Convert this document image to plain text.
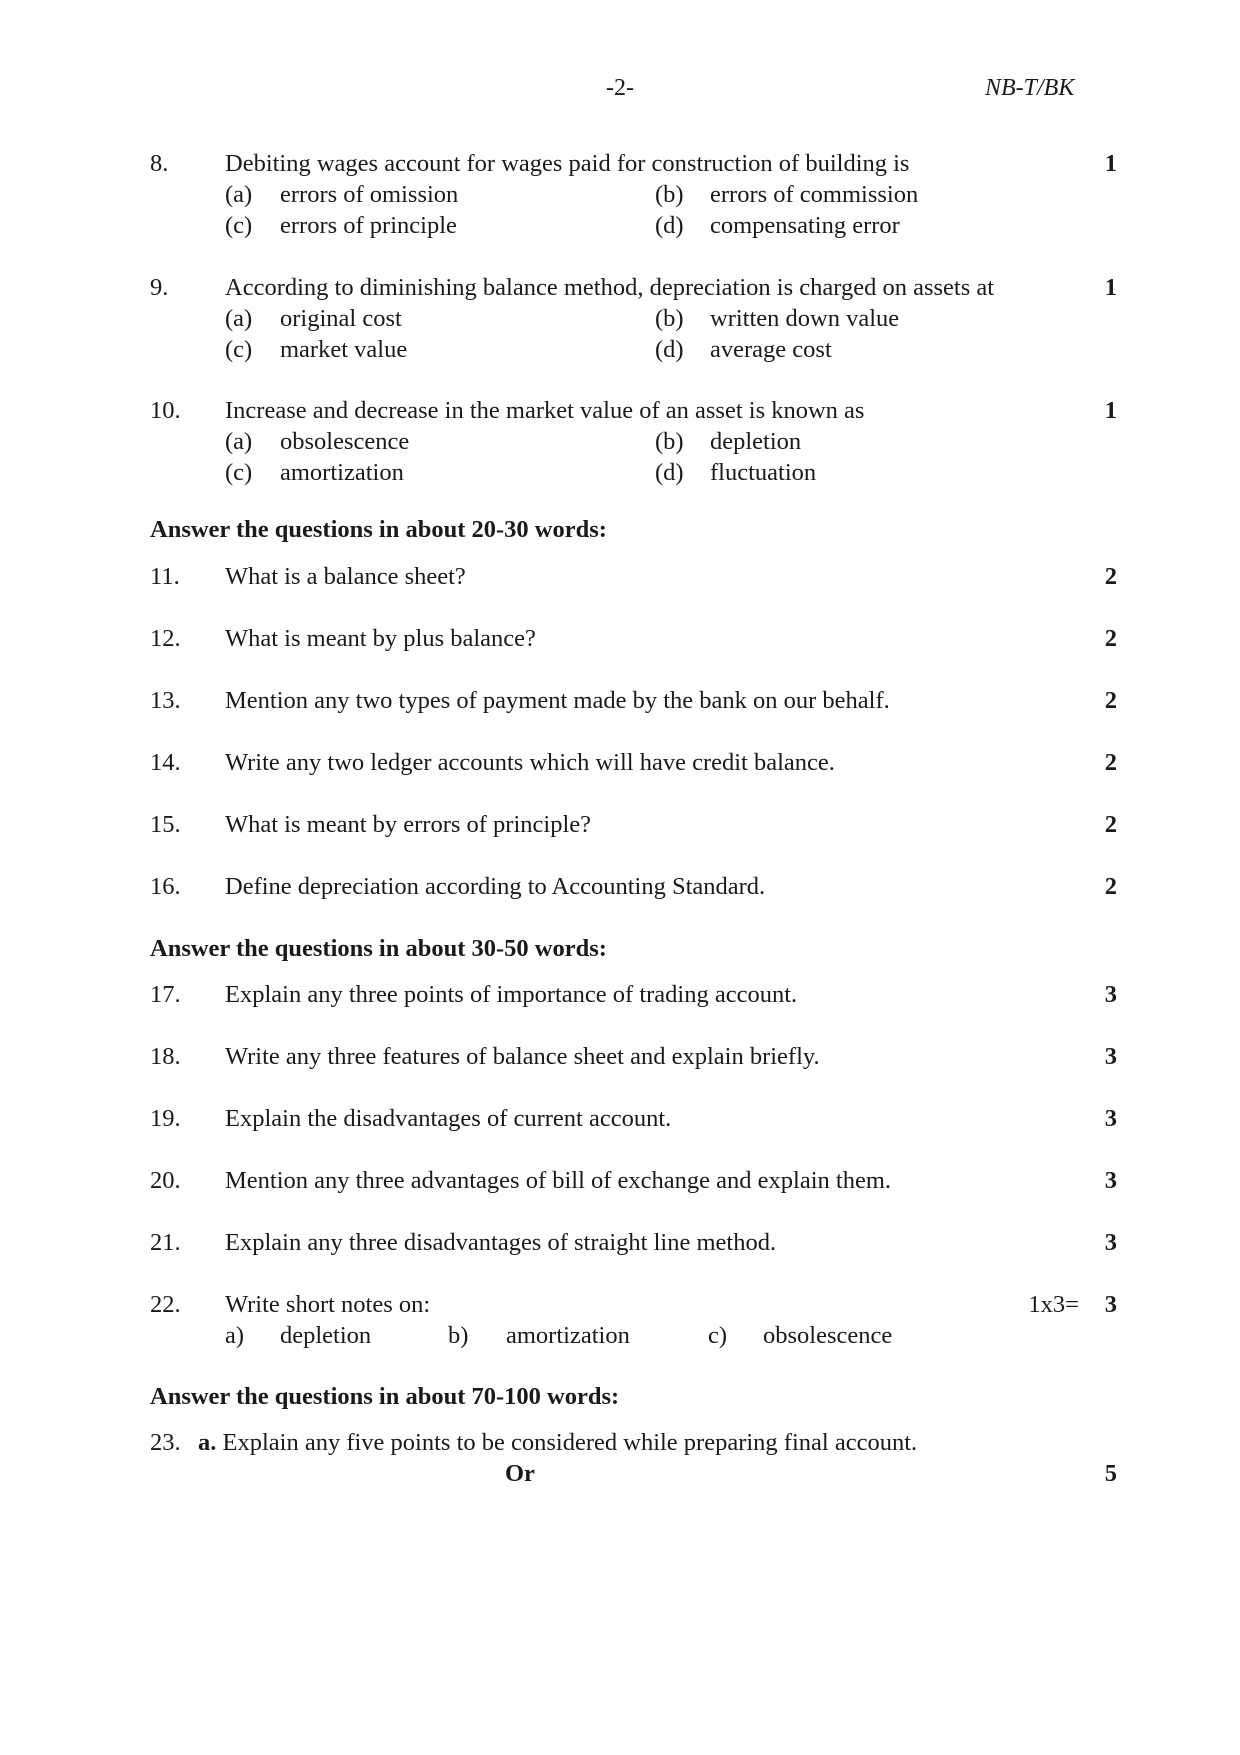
-2-	NB-T/BK
8. Debiting wages account for wages paid for construction of building is	1
(a) errors of omission	(b) errors of commission
(c) errors of principle	(d) compensating error
9. According to diminishing balance method, depreciation is charged on assets at	1
(a) original cost	(b) written down value
(c) market value	(d) average cost
10. Increase and decrease in the market value of an asset is known as	1
(a) obsolescence	(b) depletion
(c) amortization	(d) fluctuation
Answer the questions in about 20-30 words:
11. What is a balance sheet?	2
12. What is meant by plus balance?	2
13. Mention any two types of payment made by the bank on our behalf.	2
14. Write any two ledger accounts which will have credit balance.	2
15. What is meant by errors of principle?	2
16. Define depreciation according to Accounting Standard.	2
Answer the questions in about 30-50 words:
17. Explain any three points of importance of trading account.	3
18. Write any three features of balance sheet and explain briefly.	3
19. Explain the disadvantages of current account.	3
20. Mention any three advantages of bill of exchange and explain them.	3
21. Explain any three disadvantages of straight line method.	3
22. Write short notes on:	1x3= 3
a) depletion	b) amortization	c) obsolescence
Answer the questions in about 70-100 words:
23. a. Explain any five points to be considered while preparing final account.
5
Or
